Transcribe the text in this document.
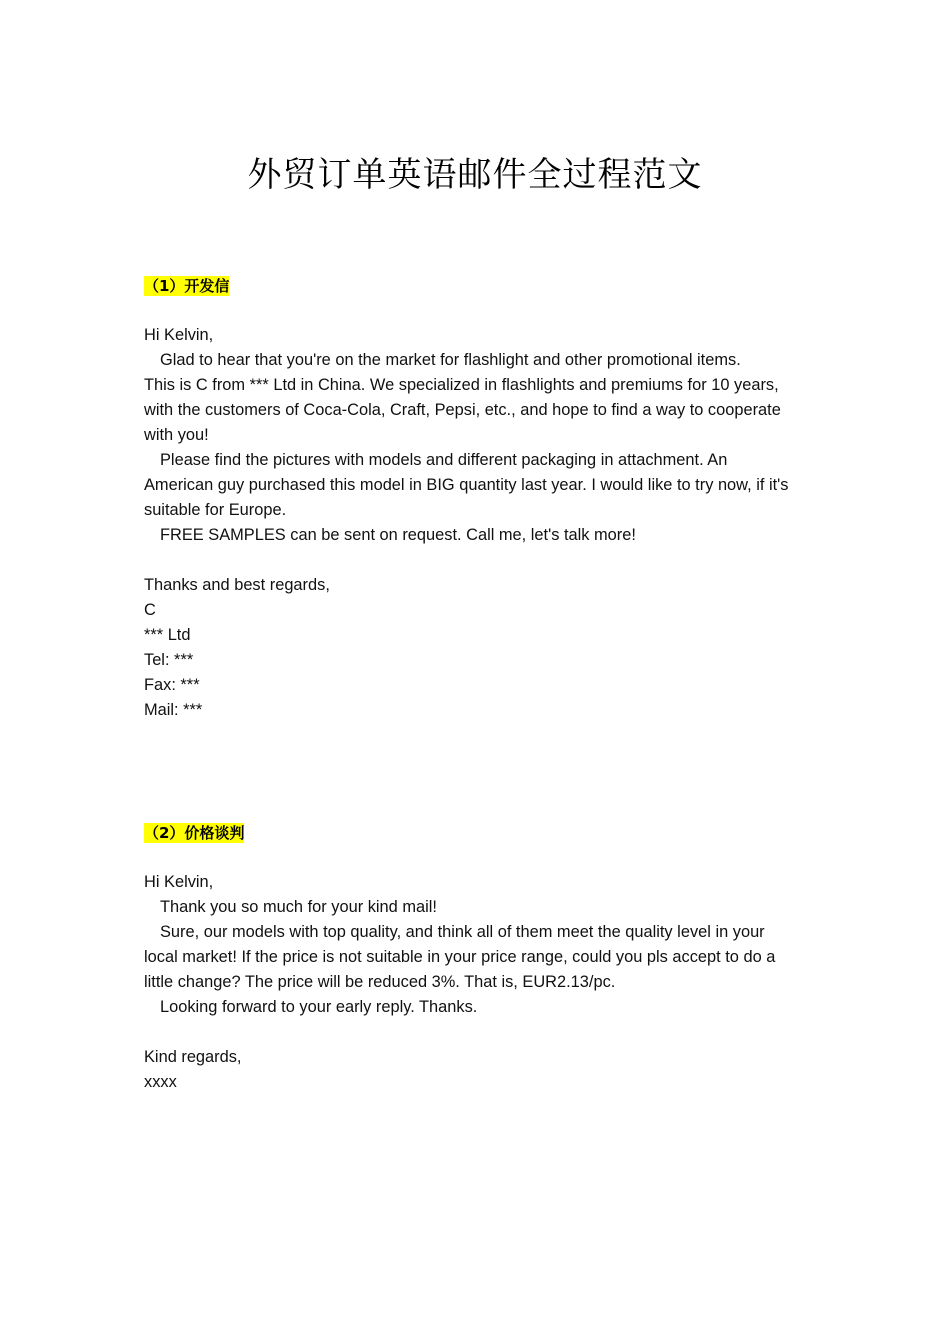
外贸订单英语邮件全过程范文
（1）开发信
Hi Kelvin,
Glad to hear that you're on the market for flashlight and other promotional items.
This is C from *** Ltd in China. We specialized in flashlights and premiums for 10 years,
with the customers of Coca-Cola, Craft, Pepsi, etc., and hope to find a way to cooperate
with you!
Please find the pictures with models and different packaging in attachment. An
American guy purchased this model in BIG quantity last year. I would like to try now, if it's
suitable for Europe.
FREE SAMPLES can be sent on request. Call me, let's talk more!
Thanks and best regards,
C
*** Ltd
Tel: ***
Fax: ***
Mail: ***
（2）价格谈判
Hi Kelvin,
Thank you so much for your kind mail!
Sure, our models with top quality, and think all of them meet the quality level in your
local market! If the price is not suitable in your price range, could you pls accept to do a
little change? The price will be reduced 3%. That is, EUR2.13/pc.
Looking forward to your early reply. Thanks.
Kind regards,
xxxx
